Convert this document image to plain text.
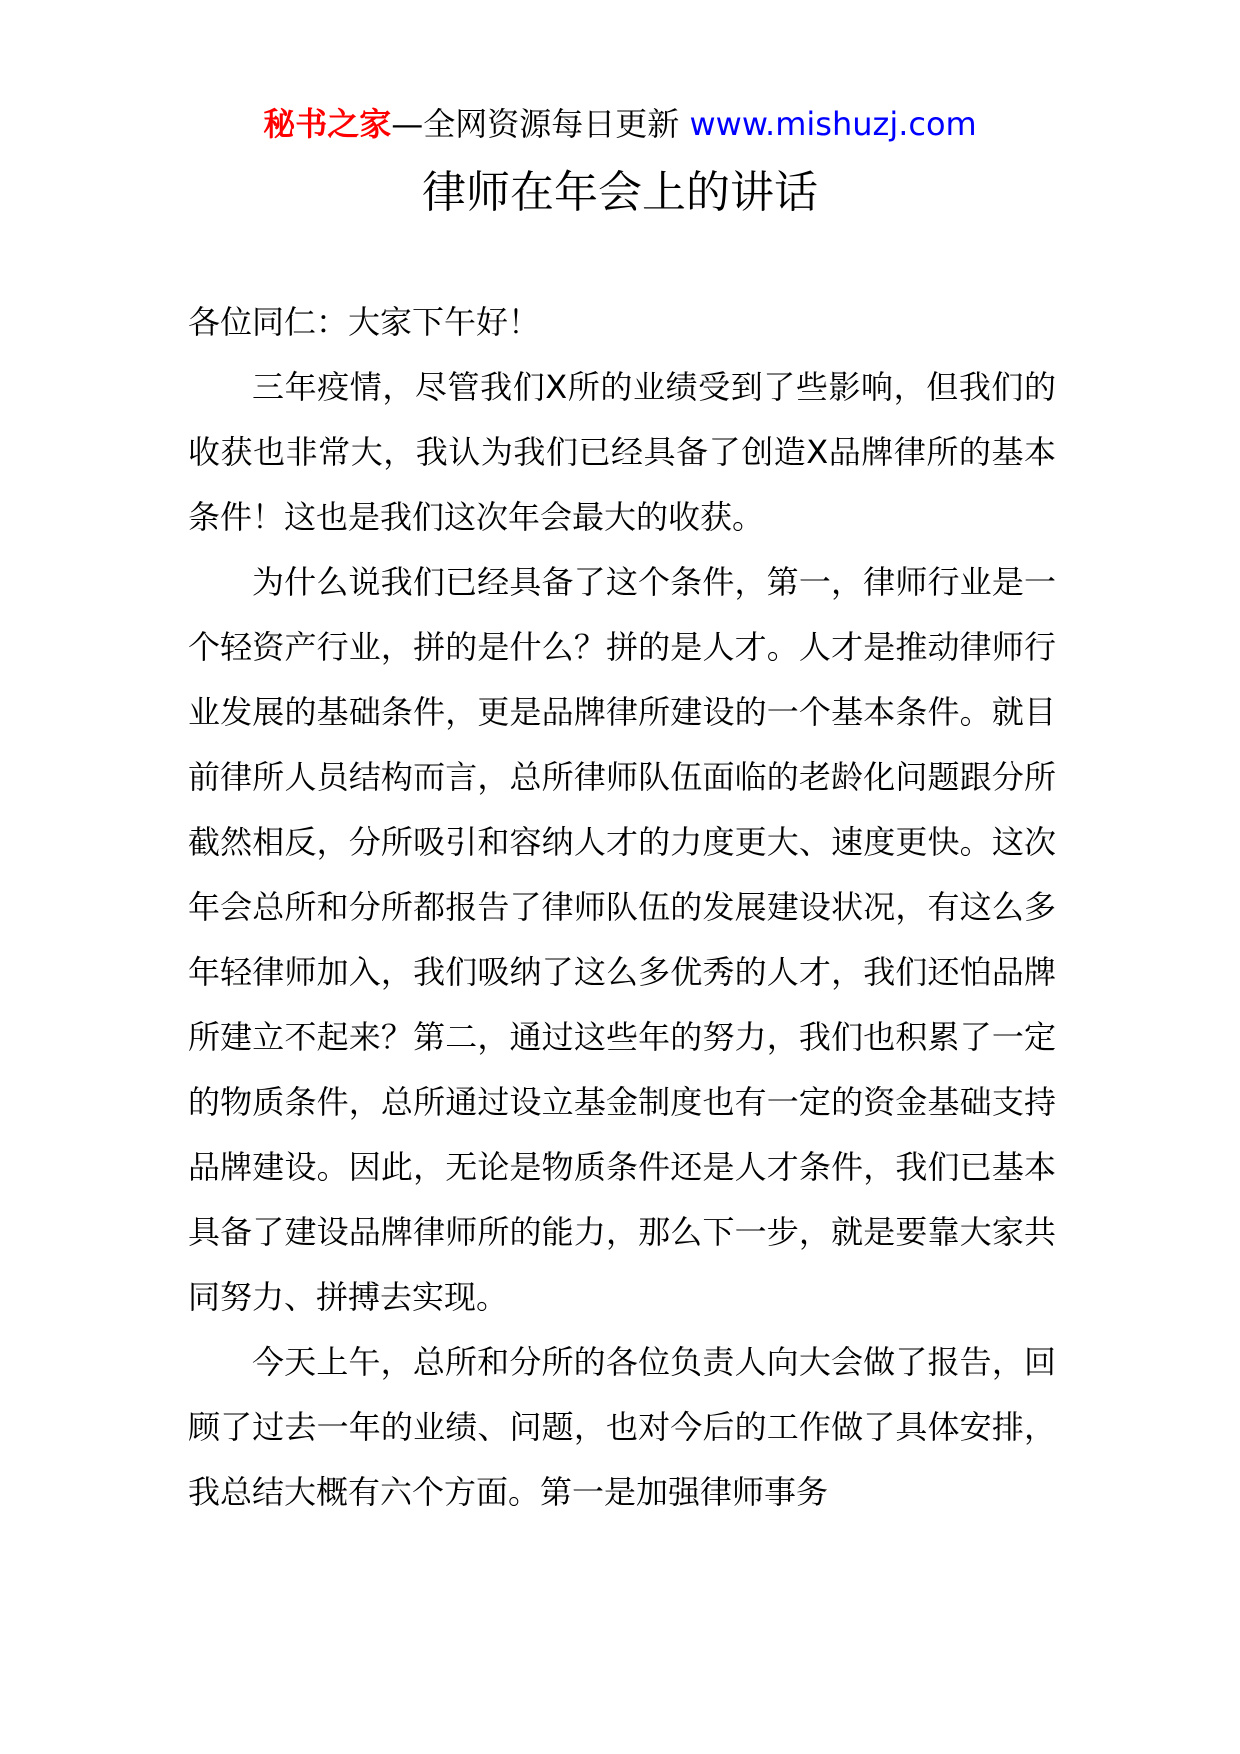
秘书之家—全网资源每日更新 www.mishuzj.com
律师在年会上的讲话

各位同仁：大家下午好！

三年疫情，尽管我们X所的业绩受到了些影响，但我们的收获也非常大，我认为我们已经具备了创造X品牌律所的基本条件！这也是我们这次年会最大的收获。

为什么说我们已经具备了这个条件，第一，律师行业是一个轻资产行业，拼的是什么？拼的是人才。人才是推动律师行业发展的基础条件，更是品牌律所建设的一个基本条件。就目前律所人员结构而言，总所律师队伍面临的老龄化问题跟分所截然相反，分所吸引和容纳人才的力度更大、速度更快。这次年会总所和分所都报告了律师队伍的发展建设状况，有这么多年轻律师加入，我们吸纳了这么多优秀的人才，我们还怕品牌所建立不起来？第二，通过这些年的努力，我们也积累了一定的物质条件，总所通过设立基金制度也有一定的资金基础支持品牌建设。因此，无论是物质条件还是人才条件，我们已基本具备了建设品牌律师所的能力，那么下一步，就是要靠大家共同努力、拼搏去实现。

今天上午，总所和分所的各位负责人向大会做了报告，回顾了过去一年的业绩、问题，也对今后的工作做了具体安排，我总结大概有六个方面。第一是加强律师事务
